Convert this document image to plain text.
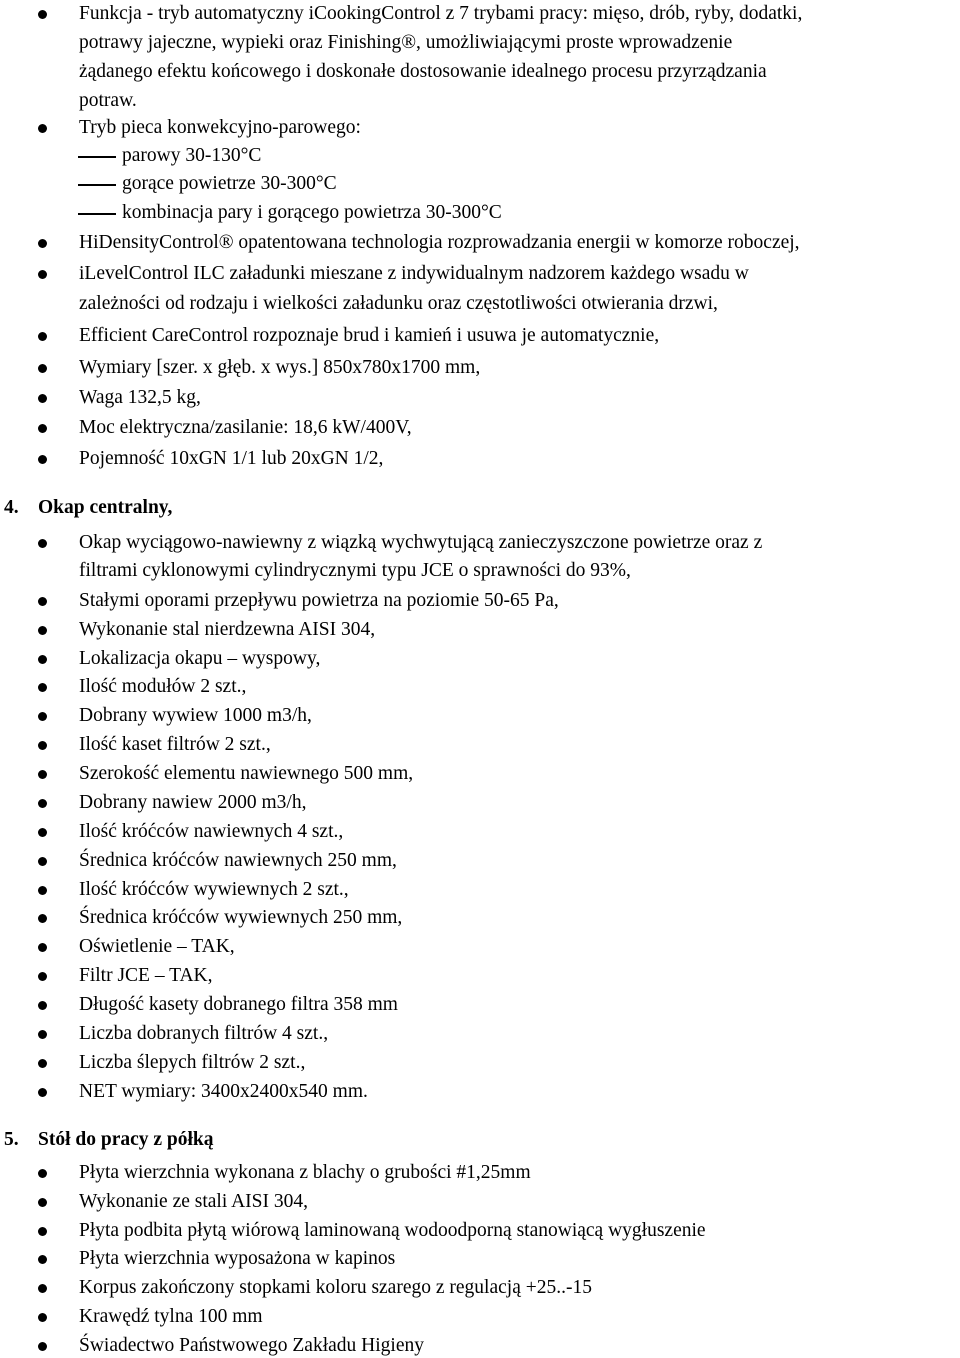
Funkcja - tryb automatyczny iCookingControl z 7 trybami pracy: mięso, drób, ryby, dodatki,
potrawy jajeczne, wypieki oraz Finishing®, umożliwiającymi proste wprowadzenie
żądanego efektu końcowego i doskonałe dostosowanie idealnego procesu przyrządzania
potraw.
Tryb pieca konwekcyjno-parowego:
HiDensityControl® opatentowana technologia rozprowadzania energii w komorze roboczej,
iLevelControl ILC załadunki mieszane z indywidualnym nadzorem każdego wsadu w
zależności od rodzaju i wielkości załadunku oraz częstotliwości otwierania drzwi,
Efficient CareControl rozpoznaje brud i kamień i usuwa je automatycznie,
Wymiary [szer. x głęb. x wys.] 850x780x1700 mm,
Waga 132,5 kg,
Moc elektryczna/zasilanie: 18,6 kW/400V,
Pojemność 10xGN 1/1 lub 20xGN 1/2,
parowy 30-130°C
gorące powietrze 30-300°C
kombinacja pary i gorącego powietrza 30-300°C
4. Okap centralny,
Okap wyciągowo-nawiewny z wiązką wychwytującą zanieczyszczone powietrze oraz z
filtrami cyklonowymi cylindrycznymi typu JCE o sprawności do 93%,
Stałymi oporami przepływu powietrza na poziomie 50-65 Pa,
Wykonanie stal nierdzewna AISI 304,
Lokalizacja okapu – wyspowy,
Ilość modułów 2 szt.,
Dobrany wywiew 1000 m3/h,
Ilość kaset filtrów 2 szt.,
Szerokość elementu nawiewnego 500 mm,
Dobrany nawiew 2000 m3/h,
Ilość króćców nawiewnych 4 szt.,
Średnica króćców nawiewnych 250 mm,
Ilość króćców wywiewnych 2 szt.,
Średnica króćców wywiewnych 250 mm,
Oświetlenie – TAK,
Filtr JCE – TAK,
Długość kasety dobranego filtra 358 mm
Liczba dobranych filtrów 4 szt.,
Liczba ślepych filtrów 2 szt.,
NET wymiary: 3400x2400x540 mm.
5. Stół do pracy z półką
Płyta wierzchnia wykonana z blachy o grubości #1,25mm
Wykonanie ze stali AISI 304,
Płyta podbita płytą wiórową laminowaną wodoodporną stanowiącą wygłuszenie
Płyta wierzchnia wyposażona w kapinos
Korpus zakończony stopkami koloru szarego z regulacją +25..-15
Krawędź tylna 100 mm
Świadectwo Państwowego Zakładu Higieny
